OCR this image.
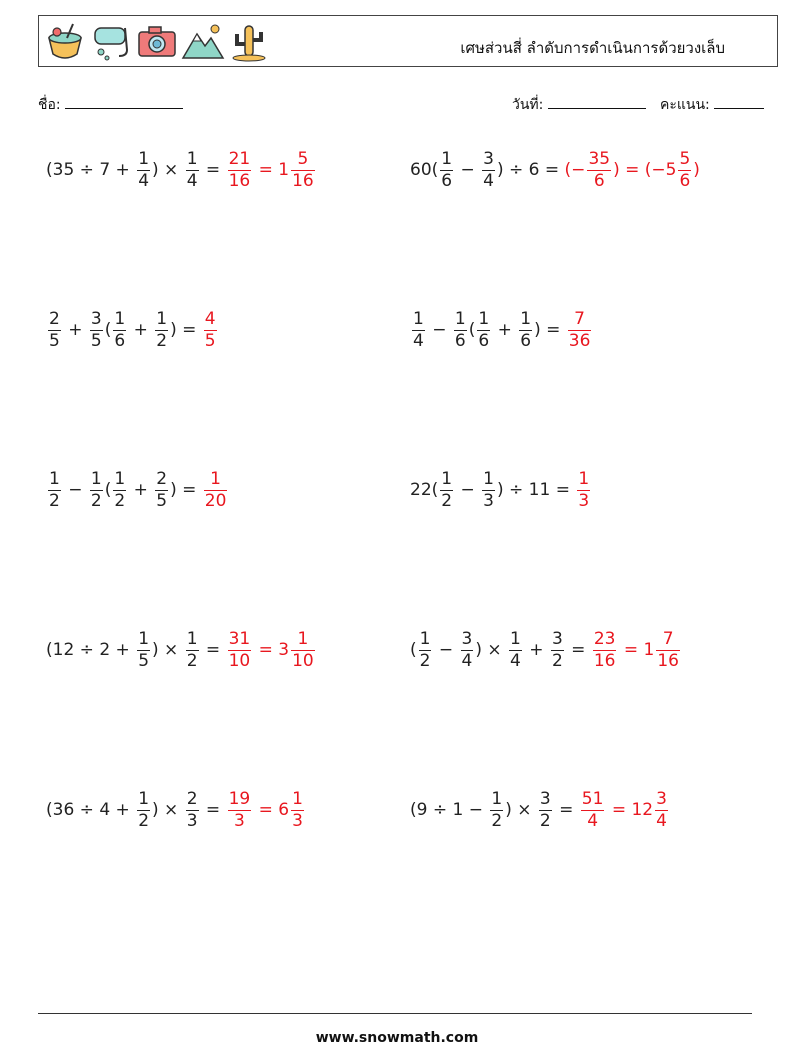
เศษส่วนสี่ ลำดับการดำเนินการด้วยวงเล็บ
ชื่อ:	วันที่:	คะแนน:
($35 \div 7 + \frac{1}{4}$ ) × $\frac{1}{4} = \frac{21}{16} = 1 \frac{5}{16}$	$60( \frac{1}{6} - \frac{3}{4}$ ) ÷ 6 = (− $\frac{35}{6}$ ) = ($-5 \frac{5}{6}$ )
$\frac{2}{5} + \frac{3}{5}$ ( $\frac{1}{6} + \frac{1}{2}$ ) = $\frac{4}{5}$	$\frac{1}{4} - \frac{1}{6}$ ( $\frac{1}{6} + \frac{1}{6}$ ) = $\frac{7}{36}$
$\frac{1}{2} - \frac{1}{2}$ ( $\frac{1}{2} + \frac{2}{5}$ ) = $\frac{1}{20}$	$22( \frac{1}{2} - \frac{1}{3}$ ) ÷ $11 = \frac{1}{3}$
($12 \div 2 + \frac{1}{5}$ ) × $\frac{1}{2} = \frac{31}{10} = 3 \frac{1}{10}$	( $\frac{1}{2} - \frac{3}{4}$ ) × $\frac{1}{4} + \frac{3}{2} = \frac{23}{16} = 1 \frac{7}{16}$
($36 \div 4 + \frac{1}{2}$ ) × $\frac{2}{3} = \frac{19}{3} = 6 \frac{1}{3}$	($9 \div 1 - \frac{1}{2}$ ) × $\frac{3}{2} = \frac{51}{4} = 12 \frac{3}{4}$
www.snowmath.com
